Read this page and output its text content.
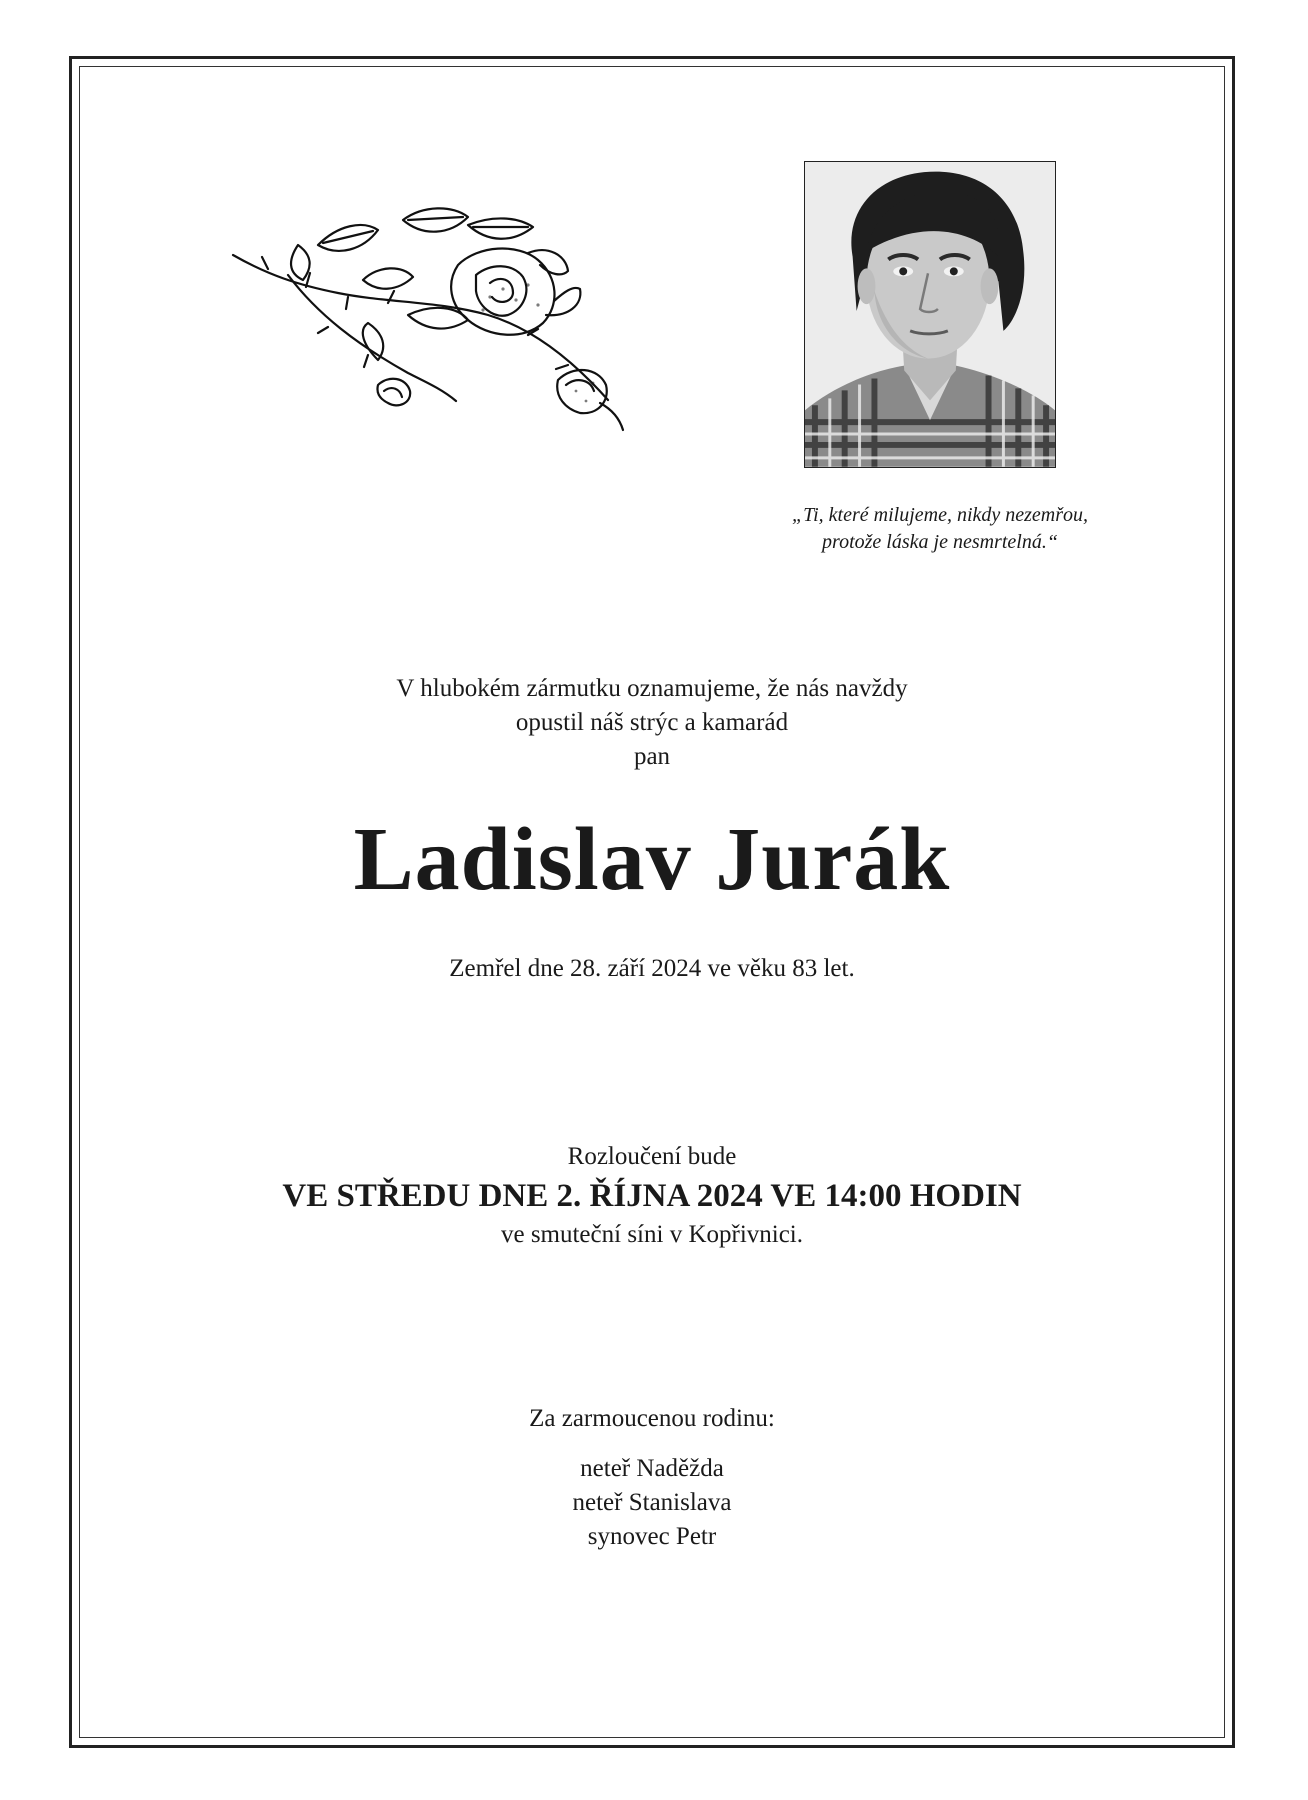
„Ti, které milujeme, nikdy nezemřou,
protože láska je nesmrtelná.“
V hlubokém zármutku oznamujeme, že nás navždy
opustil náš strýc a kamarád
pan
Ladislav Jurák
Zemřel dne 28. září 2024 ve věku 83 let.
Rozloučení bude
VE STŘEDU DNE 2. ŘÍJNA 2024 VE 14:00 HODIN
ve smuteční síni v Kopřivnici.
Za zarmoucenou rodinu:
neteř Naděžda
neteř Stanislava
synovec Petr
